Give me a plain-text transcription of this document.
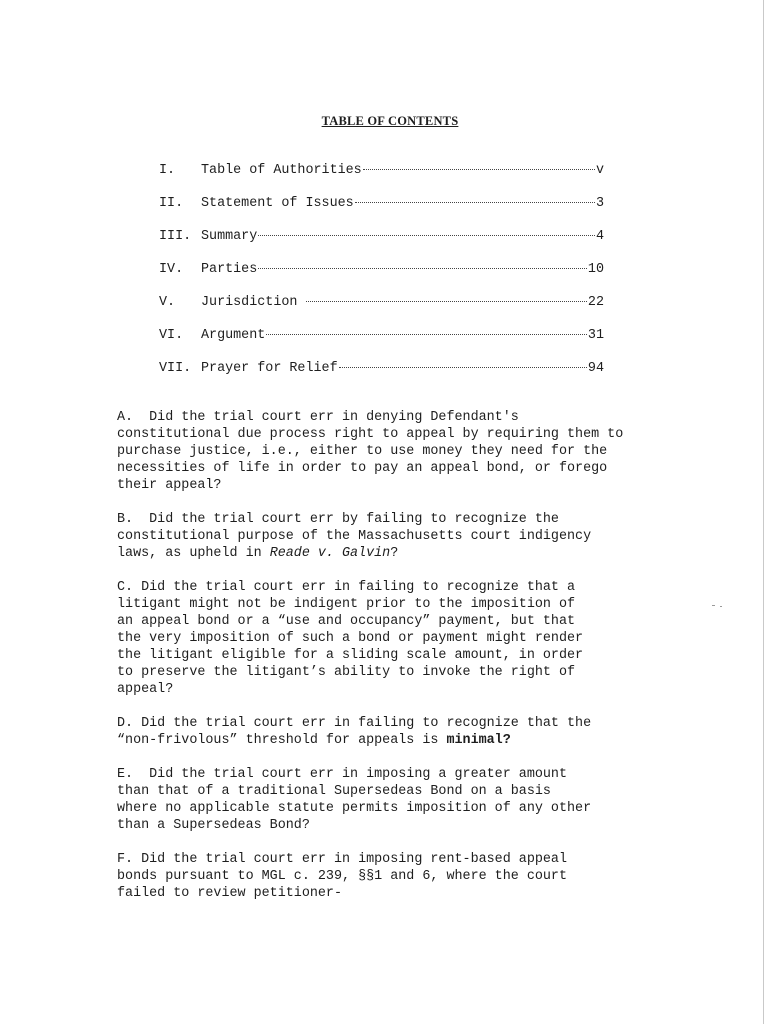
TABLE OF CONTENTS
I.	Table of Authorities	v
II.	Statement of Issues	3
III. Summary	4
IV.	Parties	10
V.	Jurisdiction	22
VI.	Argument	31
VII. Prayer for Relief	94

A.  Did the trial court err in denying Defendant's
constitutional due process right to appeal by requiring them to
purchase justice, i.e., either to use money they need for the
necessities of life in order to pay an appeal bond, or forego
their appeal?

B.  Did the trial court err by failing to recognize the
constitutional purpose of the Massachusetts court indigency
laws, as upheld in Reade v. Galvin?

C. Did the trial court err in failing to recognize that a
litigant might not be indigent prior to the imposition of
an appeal bond or a “use and occupancy” payment, but that
the very imposition of such a bond or payment might render
the litigant eligible for a sliding scale amount, in order
to preserve the litigant’s ability to invoke the right of
appeal?

D. Did the trial court err in failing to recognize that the
“non-frivolous” threshold for appeals is minimal?

E.  Did the trial court err in imposing a greater amount
than that of a traditional Supersedeas Bond on a basis
where no applicable statute permits imposition of any other
than a Supersedeas Bond?

F. Did the trial court err in imposing rent-based appeal
bonds pursuant to MGL c. 239, §§1 and 6, where the court
failed to review petitioner-
